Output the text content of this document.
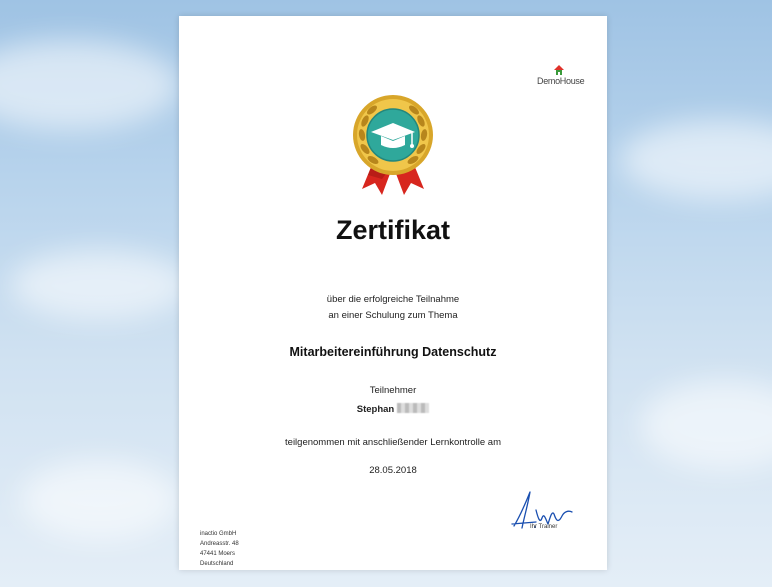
DemoHouse
Zertifikat
über die erfolgreiche Teilnahme
an einer Schulung zum Thema
Mitarbeitereinführung Datenschutz
Teilnehmer
Stephan
teilgenommen mit anschließender Lernkontrolle am
28.05.2018
Ihr Trainer
inactio GmbH
Andreasstr. 48
47441 Moers
Deutschland
